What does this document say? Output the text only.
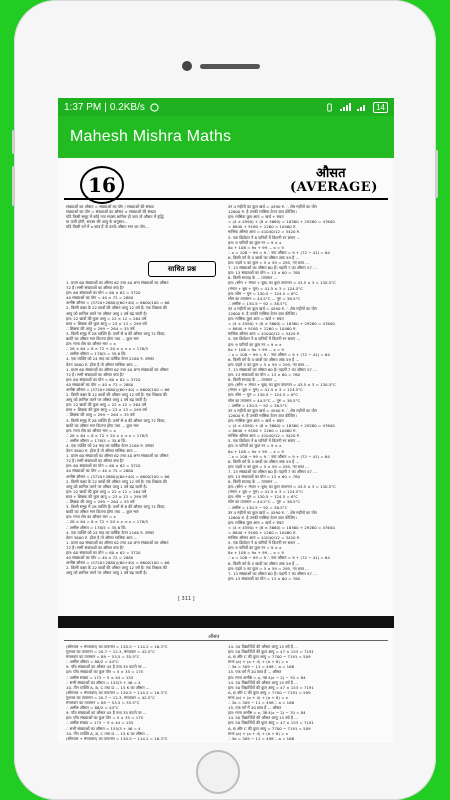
1:37 PM | 0.2KB/s	14
Mahesh Mishra Maths
16	औसत
(AVERAGE)
संख्याओं का औसत = संख्याओं का योग / संख्याओं की संख्या
संख्याओं का योग = संख्याओं का औसत × संख्याओं की संख्या
यदि किसी समूह में कोई नया सदस्य शामिल हो जाए तो औसत में वृद्धि
या कमी होगी, सदस्य की आयु के अनुसार...
यदि किसी वर्ग में n छात्र हैं तो उनके औसत भार का योग...
साधित प्रश्न
1. प्रथम 60 संख्याओं का औसत 62 तथा 40 अन्य संख्याओं का औसत
72 है। सभी संख्याओं का औसत क्या है?
हल: 60 संख्याओं का योग = 60 × 62 = 3720
40 संख्याओं का योग = 40 × 72 = 2880
अभीष्ट औसत = (3720+2880)/(60+40) = 6600/100 = 66
2. किसी कक्षा के 22 छात्रों की औसत आयु 12 वर्ष है। एक शिक्षक की
आयु को शामिल करने पर औसत आयु 1 वर्ष बढ़ जाती है।
हल: 22 छात्रों की कुल आयु = 22 × 12 = 264 वर्ष
छात्र + शिक्षक की कुल आयु = 23 × 13 = 299 वर्ष
∴ शिक्षक की आयु = 299 − 264 = 35 वर्ष
3. किसी समूह में 28 व्यक्ति हैं। उनमें से 8 की औसत आयु 72 किग्रा,
बाकी का औसत भार कितना होगा तथा ... कुल भार
हल: माना शेष का औसत भार = x
∴ 28 × 64 = 8 × 72 + 20 × x ⇒ x = 178/5
∴ अभीष्ट औसत = 178/5 = 35.6 कि.
4. एक व्यक्ति को 24 माह का वार्षिक वेतन 2160 रु. उसका
वेतन 3600 रु. होता है तो औसत मासिक आय ...
1. प्रथम 60 संख्याओं का औसत 62 तथा 40 अन्य संख्याओं का औसत
72 है। सभी संख्याओं का औसत क्या है?
हल: 60 संख्याओं का योग = 60 × 62 = 3720
40 संख्याओं का योग = 40 × 72 = 2880
अभीष्ट औसत = (3720+2880)/(60+40) = 6600/100 = 66
2. किसी कक्षा के 22 छात्रों की औसत आयु 12 वर्ष है। एक शिक्षक की
आयु को शामिल करने पर औसत आयु 1 वर्ष बढ़ जाती है।
हल: 22 छात्रों की कुल आयु = 22 × 12 = 264 वर्ष
छात्र + शिक्षक की कुल आयु = 23 × 13 = 299 वर्ष
∴ शिक्षक की आयु = 299 − 264 = 35 वर्ष
3. किसी समूह में 28 व्यक्ति हैं। उनमें से 8 की औसत आयु 72 किग्रा,
बाकी का औसत भार कितना होगा तथा ... कुल भार
हल: माना शेष का औसत भार = x
∴ 28 × 64 = 8 × 72 + 20 × x ⇒ x = 178/5
∴ अभीष्ट औसत = 178/5 = 35.6 कि.
4. एक व्यक्ति को 24 माह का वार्षिक वेतन 2160 रु. उसका
वेतन 3600 रु. होता है तो औसत मासिक आय ...
1. प्रथम 60 संख्याओं का औसत 62 तथा 40 अन्य संख्याओं का औसत
72 है। सभी संख्याओं का औसत क्या है?
हल: 60 संख्याओं का योग = 60 × 62 = 3720
40 संख्याओं का योग = 40 × 72 = 2880
अभीष्ट औसत = (3720+2880)/(60+40) = 6600/100 = 66
2. किसी कक्षा के 22 छात्रों की औसत आयु 12 वर्ष है। एक शिक्षक की
आयु को शामिल करने पर औसत आयु 1 वर्ष बढ़ जाती है।
हल: 22 छात्रों की कुल आयु = 22 × 12 = 264 वर्ष
छात्र + शिक्षक की कुल आयु = 23 × 13 = 299 वर्ष
∴ शिक्षक की आयु = 299 − 264 = 35 वर्ष
3. किसी समूह में 28 व्यक्ति हैं। उनमें से 8 की औसत आयु 72 किग्रा,
बाकी का औसत भार कितना होगा तथा ... कुल भार
हल: माना शेष का औसत भार = x
∴ 28 × 64 = 8 × 72 + 20 × x ⇒ x = 178/5
∴ अभीष्ट औसत = 178/5 = 35.6 कि.
4. एक व्यक्ति को 24 माह का वार्षिक वेतन 2160 रु. उसका
वेतन 3600 रु. होता है तो औसत मासिक आय ...
1. प्रथम 60 संख्याओं का औसत 62 तथा 40 अन्य संख्याओं का औसत
72 है। सभी संख्याओं का औसत क्या है?
हल: 60 संख्याओं का योग = 60 × 62 = 3720
40 संख्याओं का योग = 40 × 72 = 2880
अभीष्ट औसत = (3720+2880)/(60+40) = 6600/100 = 66
2. किसी कक्षा के 22 छात्रों की औसत आयु 12 वर्ष है। एक शिक्षक की
आयु को शामिल करने पर औसत आयु 1 वर्ष बढ़ जाती है।
उन 4 महीनों का कुल खर्च = 4590 रु. ∴ शेष महीनों का योग
12600 रु. है उनकी मासिक वेतन ज्ञात कीजिए।
हल: मासिक कुल आय = खर्च + बचत
= (4 × 4590) + (8 × 3660) = 18360 + 29280 = 47640
= 8640 + 9180 + 1260 = 10460 रु.
मासिक औसत आय = 41040/12 = 3420 रु.
5. एक क्रिकेटर ने 8 पारियों में कितनी रन बनाए ...
हल: 9 पारियों का कुल रन = 9 × x
8x + 108 = 9x + 99 ... x = 9
∴ x = 108 − 99 = 9 ∴ नया औसत = 9 + (72 − 41) = 64
6. किसी वर्ग के 5 छात्रों का औसत अंक 59 है ...
हल: पहले 5 का कुल = 5 × 59 = 295, नए छात्र ...
7. 13 संख्याओं का औसत 60 है। पहली 7 का औसत 57 ...
हल: 13 संख्याओं का योग = 13 × 60 = 780
8. किसी सप्ताह के ... तापमान ...
हल: (सोम + मंगल + बुध) का कुल तापमान = 43.5 × 3 = 130.5°C
(मंगल + बुध + गुरु) = 41.5 × 3 = 124.5°C
हल: सोम − गुरु = 130.5 − 124.5 = 6°C
सोम का तापमान = 44.5°C ... गुरु = 38.5°C
∴ अभीष्ट = 130.5 − 92 = 38.5°C
उन 4 महीनों का कुल खर्च = 4590 रु. ∴ शेष महीनों का योग
12600 रु. है उनकी मासिक वेतन ज्ञात कीजिए।
हल: मासिक कुल आय = खर्च + बचत
= (4 × 4590) + (8 × 3660) = 18360 + 29280 = 47640
= 8640 + 9180 + 1260 = 10460 रु.
मासिक औसत आय = 41040/12 = 3420 रु.
5. एक क्रिकेटर ने 8 पारियों में कितनी रन बनाए ...
हल: 9 पारियों का कुल रन = 9 × x
8x + 108 = 9x + 99 ... x = 9
∴ x = 108 − 99 = 9 ∴ नया औसत = 9 + (72 − 41) = 64
6. किसी वर्ग के 5 छात्रों का औसत अंक 59 है ...
हल: पहले 5 का कुल = 5 × 59 = 295, नए छात्र ...
7. 13 संख्याओं का औसत 60 है। पहली 7 का औसत 57 ...
हल: 13 संख्याओं का योग = 13 × 60 = 780
8. किसी सप्ताह के ... तापमान ...
हल: (सोम + मंगल + बुध) का कुल तापमान = 43.5 × 3 = 130.5°C
(मंगल + बुध + गुरु) = 41.5 × 3 = 124.5°C
हल: सोम − गुरु = 130.5 − 124.5 = 6°C
सोम का तापमान = 44.5°C ... गुरु = 38.5°C
∴ अभीष्ट = 130.5 − 92 = 38.5°C
उन 4 महीनों का कुल खर्च = 4590 रु. ∴ शेष महीनों का योग
12600 रु. है उनकी मासिक वेतन ज्ञात कीजिए।
हल: मासिक कुल आय = खर्च + बचत
= (4 × 4590) + (8 × 3660) = 18360 + 29280 = 47640
= 8640 + 9180 + 1260 = 10460 रु.
मासिक औसत आय = 41040/12 = 3420 रु.
5. एक क्रिकेटर ने 8 पारियों में कितनी रन बनाए ...
हल: 9 पारियों का कुल रन = 9 × x
8x + 108 = 9x + 99 ... x = 9
∴ x = 108 − 99 = 9 ∴ नया औसत = 9 + (72 − 41) = 64
6. किसी वर्ग के 5 छात्रों का औसत अंक 59 है ...
हल: पहले 5 का कुल = 5 × 59 = 295, नए छात्र ...
7. 13 संख्याओं का औसत 60 है। पहली 7 का औसत 57 ...
हल: 13 संख्याओं का योग = 13 × 60 = 780
8. किसी सप्ताह के ... तापमान ...
हल: (सोम + मंगल + बुध) का कुल तापमान = 43.5 × 3 = 130.5°C
(मंगल + बुध + गुरु) = 41.5 × 3 = 124.5°C
हल: सोम − गुरु = 130.5 − 124.5 = 6°C
सोम का तापमान = 44.5°C ... गुरु = 38.5°C
∴ अभीष्ट = 130.5 − 92 = 38.5°C
उन 4 महीनों का कुल खर्च = 4590 रु. ∴ शेष महीनों का योग
12600 रु. है उनकी मासिक वेतन ज्ञात कीजिए।
हल: मासिक कुल आय = खर्च + बचत
= (4 × 4590) + (8 × 3660) = 18360 + 29280 = 47640
= 8640 + 9180 + 1260 = 10460 रु.
मासिक औसत आय = 41040/12 = 3420 रु.
5. एक क्रिकेटर ने 8 पारियों में कितनी रन बनाए ...
हल: 9 पारियों का कुल रन = 9 × x
8x + 108 = 9x + 99 ... x = 9
∴ x = 108 − 99 = 9 ∴ नया औसत = 9 + (72 − 41) = 64
6. किसी वर्ग के 5 छात्रों का औसत अंक 59 है ...
हल: पहले 5 का कुल = 5 × 59 = 295, नए छात्र ...
7. 13 संख्याओं का औसत 60 है। पहली 7 का औसत 57 ...
हल: 13 संख्याओं का योग = 13 × 60 = 780
[ 311 ]
औसत
(सोमवार + मंगलवार) का तापमान = 130.5 − 114.2 = 16.3°C
गुरुवार का तापमान = 20.7 − 12.3, मंगलवार = 42.5°C
मंगलवार का तापमान = 89 − 53.5 = 35.5°C
∴ अभीष्ट औसत = 88/2 = 44°C
9. पाँच संख्याओं का औसत 45 है तथा 35 घटाने पर ...
हल: पाँच संख्याओं का कुल योग = 5 × 35 = 175
∴ अभीष्ट संख्या = 173 − 5 × 44 = 155
∴ सभी संख्याओं का औसत = 155/3 + 46 = 4
10. तीन व्यक्ति A, B, C तथा D ... 15 K का औसत ...
(सोमवार + मंगलवार) का तापमान = 130.5 − 114.2 = 16.3°C
गुरुवार का तापमान = 20.7 − 12.3, मंगलवार = 42.5°C
मंगलवार का तापमान = 89 − 53.5 = 35.5°C
∴ अभीष्ट औसत = 88/2 = 44°C
9. पाँच संख्याओं का औसत 45 है तथा 35 घटाने पर ...
हल: पाँच संख्याओं का कुल योग = 5 × 35 = 175
∴ अभीष्ट संख्या = 173 − 5 × 44 = 155
∴ सभी संख्याओं का औसत = 155/3 + 46 = 4
10. तीन व्यक्ति A, B, C तथा D ... 15 K का औसत ...
(सोमवार + मंगलवार) का तापमान = 130.5 − 114.2 = 16.3°C
14. 50 विद्यार्थियों की औसत आयु 15 वर्ष है ...
हल: 50 विद्यार्थियों की कुल आयु = 47 × 153 = 7191
A, B और C की कुल आयु = 7700 − 7191 = 509
माना (a) + (a + 4) + (a + 8) = x
∴ 3a = 309 − 11 = 498 ∴ a = 166
15. एक वर्ग में 20 छात्र हैं ... औसत
हल: माना अभीष्ट = x, तब 4(x − 2) − 70 = 84
14. 50 विद्यार्थियों की औसत आयु 15 वर्ष है ...
हल: 50 विद्यार्थियों की कुल आयु = 47 × 153 = 7191
A, B और C की कुल आयु = 7700 − 7191 = 509
माना (a) + (a + 4) + (a + 8) = x
∴ 3a = 309 − 11 = 498 ∴ a = 166
15. एक वर्ग में 20 छात्र हैं ... औसत
हल: माना अभीष्ट = x, तब 4(x − 2) − 70 = 84
14. 50 विद्यार्थियों की औसत आयु 15 वर्ष है ...
हल: 50 विद्यार्थियों की कुल आयु = 47 × 153 = 7191
A, B और C की कुल आयु = 7700 − 7191 = 509
माना (a) + (a + 4) + (a + 8) = x
∴ 3a = 309 − 11 = 498 ∴ a = 166
